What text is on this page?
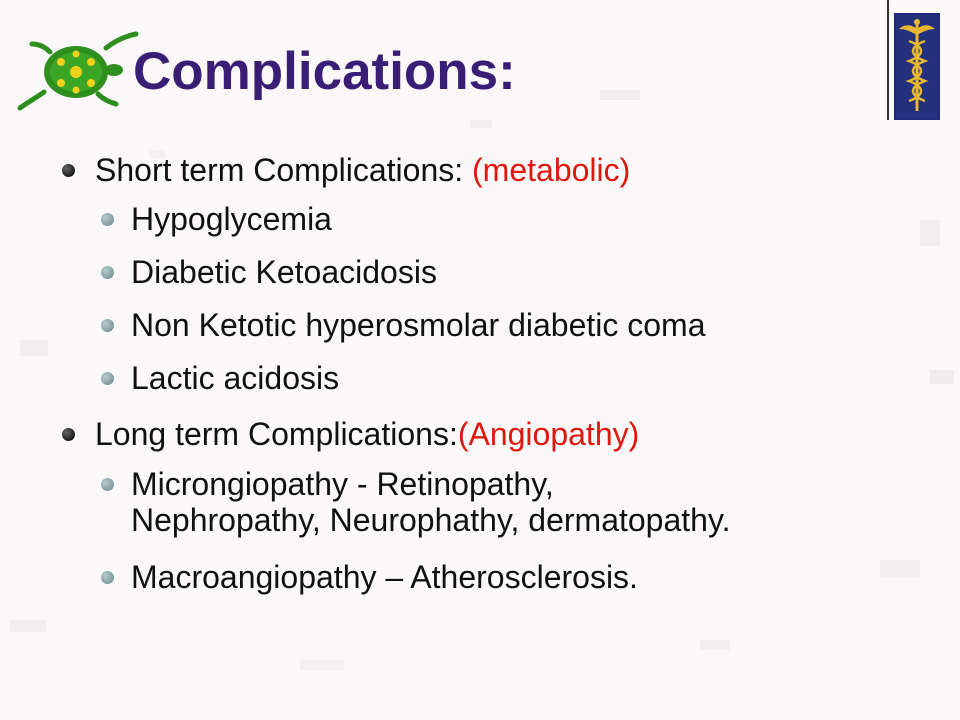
Complications:
Short term Complications: (metabolic)
Hypoglycemia
Diabetic Ketoacidosis
Non Ketotic hyperosmolar diabetic coma
Lactic acidosis
Long term Complications:(Angiopathy)
Microngiopathy - Retinopathy,
Nephropathy, Neurophathy, dermatopathy.
Macroangiopathy – Atherosclerosis.
